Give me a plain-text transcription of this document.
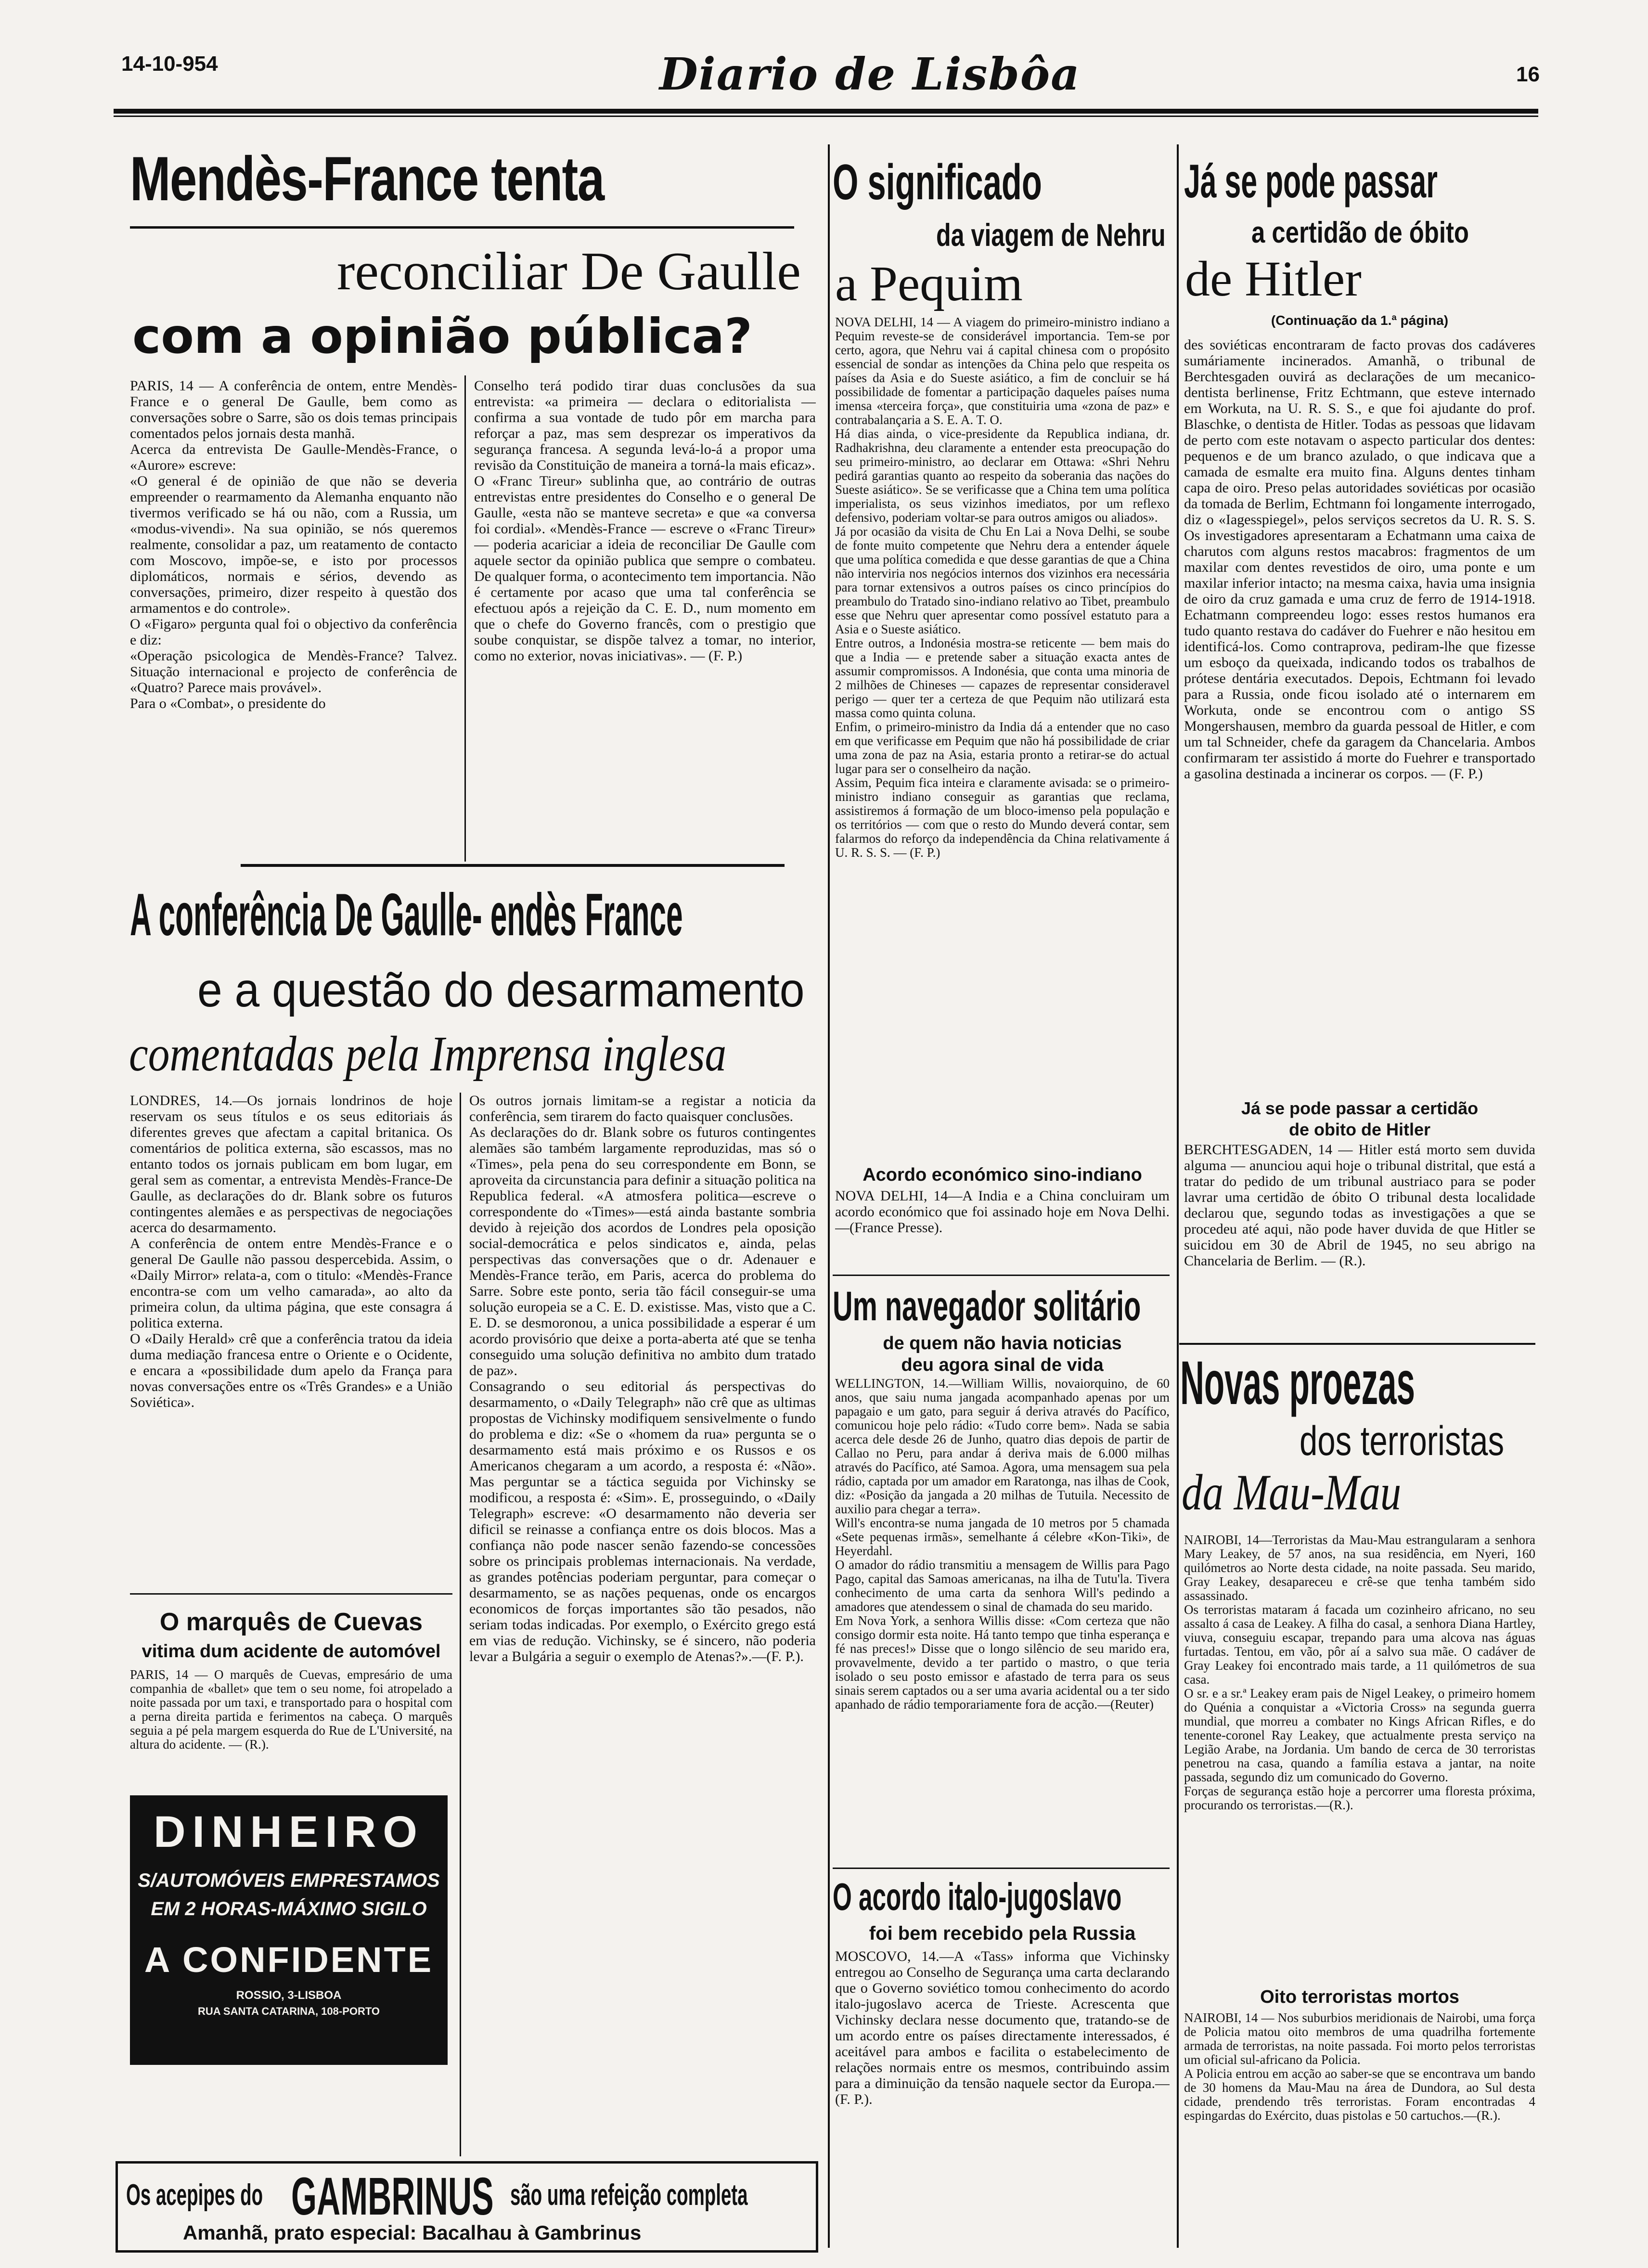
14-10-954	Diario de Lisbôa	16
Mendès-France tenta
reconciliar De Gaulle
com a opinião pública?
PARIS, 14 — A conferência de ontem, entre Mendès-France e o general De Gaulle, bem como as conversações sobre o Sarre, são os dois temas principais comentados pelos jornais desta manhã.
Acerca da entrevista De Gaulle-Mendès-France, o «Aurore» escreve:
«O general é de opinião de que não se deveria empreender o rearmamento da Alemanha enquanto não tivermos verificado se há ou não, com a Russia, um «modus-vivendi». Na sua opinião, se nós queremos realmente, consolidar a paz, um reatamento de contacto com Moscovo, impõe-se, e isto por processos diplomáticos, normais e sérios, devendo as conversações, primeiro, dizer respeito à questão dos armamentos e do controle».
O «Figaro» pergunta qual foi o objectivo da conferência e diz:
«Operação psicologica de Mendès-France? Talvez. Situação internacional e projecto de conferência de «Quatro? Parece mais provável».
Para o «Combat», o presidente do
Conselho terá podido tirar duas conclusões da sua entrevista: «a primeira — declara o editorialista — confirma a sua vontade de tudo pôr em marcha para reforçar a paz, mas sem desprezar os imperativos da segurança francesa. A segunda levá-lo-á a propor uma revisão da Constituição de maneira a torná-la mais eficaz».
O «Franc Tireur» sublinha que, ao contrário de outras entrevistas entre presidentes do Conselho e o general De Gaulle, «esta não se manteve secreta» e que «a conversa foi cordial». «Mendès-France — escreve o «Franc Tireur» — poderia acariciar a ideia de reconciliar De Gaulle com aquele sector da opinião publica que sempre o combateu. De qualquer forma, o acontecimento tem importancia. Não é certamente por acaso que uma tal conferência se efectuou após a rejeição da C. E. D., num momento em que o chefe do Governo francês, com o prestigio que soube conquistar, se dispõe talvez a tomar, no interior, como no exterior, novas iniciativas». — (F. P.)
A conferência De Gaulle- endès France
e a questão do desarmamento
comentadas pela Imprensa inglesa
LONDRES, 14.—Os jornais londrinos de hoje reservam os seus títulos e os seus editoriais ás diferentes greves que afectam a capital britanica. Os comentários de politica externa, são escassos, mas no entanto todos os jornais publicam em bom lugar, em geral sem as comentar, a entrevista Mendès-France-De Gaulle, as declarações do dr. Blank sobre os futuros contingentes alemães e as perspectivas de negociações acerca do desarmamento.
A conferência de ontem entre Mendès-France e o general De Gaulle não passou despercebida. Assim, o «Daily Mirror» relata-a, com o titulo: «Mendès-France encontra-se com um velho camarada», ao alto da primeira colun, da ultima página, que este consagra á politica externa.
O «Daily Herald» crê que a conferência tratou da ideia duma mediação francesa entre o Oriente e o Ocidente, e encara a «possibilidade dum apelo da França para novas conversações entre os «Três Grandes» e a União Soviética».
Os outros jornais limitam-se a registar a noticia da conferência, sem tirarem do facto quaisquer conclusões.
As declarações do dr. Blank sobre os futuros contingentes alemães são também largamente reproduzidas, mas só o «Times», pela pena do seu correspondente em Bonn, se aproveita da circunstancia para definir a situação politica na Republica federal. «A atmosfera politica—escreve o correspondente do «Times»—está ainda bastante sombria devido à rejeição dos acordos de Londres pela oposição social-democrática e pelos sindicatos e, ainda, pelas perspectivas das conversações que o dr. Adenauer e Mendès-France terão, em Paris, acerca do problema do Sarre. Sobre este ponto, seria tão fácil conseguir-se uma solução europeia se a C. E. D. existisse. Mas, visto que a C. E. D. se desmoronou, a unica possibilidade a esperar é um acordo provisório que deixe a porta-aberta até que se tenha conseguido uma solução definitiva no ambito dum tratado de paz».
Consagrando o seu editorial ás perspectivas do desarmamento, o «Daily Telegraph» não crê que as ultimas propostas de Vichinsky modifiquem sensivelmente o fundo do problema e diz: «Se o «homem da rua» pergunta se o desarmamento está mais próximo e os Russos e os Americanos chegaram a um acordo, a resposta é: «Não». Mas perguntar se a táctica seguida por Vichinsky se modificou, a resposta é: «Sim». E, prosseguindo, o «Daily Telegraph» escreve: «O desarmamento não deveria ser dificil se reinasse a confiança entre os dois blocos. Mas a confiança não pode nascer senão fazendo-se concessões sobre os principais problemas internacionais. Na verdade, as grandes potências poderiam perguntar, para começar o desarmamento, se as nações pequenas, onde os encargos economicos de forças importantes são tão pesados, não seriam todas indicadas. Por exemplo, o Exército grego está em vias de redução. Vichinsky, se é sincero, não poderia levar a Bulgária a seguir o exemplo de Atenas?».—(F. P.).
O marquês de Cuevas
vitima dum acidente de automóvel
PARIS, 14 — O marquês de Cuevas, empresário de uma companhia de «ballet» que tem o seu nome, foi atropelado a noite passada por um taxi, e transportado para o hospital com a perna direita partida e ferimentos na cabeça. O marquês seguia a pé pela margem esquerda do Rue de L'Université, na altura do acidente. — (R.).
DINHEIRO
S/AUTOMÓVEIS EMPRESTAMOS
EM 2 HORAS-MÁXIMO SIGILO
A CONFIDENTE
ROSSIO, 3-LISBOA
RUA SANTA CATARINA, 108-PORTO
Os acepipes do GAMBRINUS são uma refeição completa
Amanhã, prato especial: Bacalhau à Gambrinus
O significado
da viagem de Nehru
a Pequim
NOVA DELHI, 14 — A viagem do primeiro-ministro indiano a Pequim reveste-se de considerável importancia. Tem-se por certo, agora, que Nehru vai á capital chinesa com o propósito essencial de sondar as intenções da China pelo que respeita os países da Asia e do Sueste asiático, a fim de concluir se há possibilidade de fomentar a participação daqueles países numa imensa «terceira força», que constituiria uma «zona de paz» e contrabalançaria a S. E. A. T. O.
Há dias ainda, o vice-presidente da Republica indiana, dr. Radhakrishna, deu claramente a entender esta preocupação do seu primeiro-ministro, ao declarar em Ottawa: «Shri Nehru pedirá garantias quanto ao respeito da soberania das nações do Sueste asiático». Se se verificasse que a China tem uma política imperialista, os seus vizinhos imediatos, por um reflexo defensivo, poderiam voltar-se para outros amigos ou aliados».
Já por ocasião da visita de Chu En Lai a Nova Delhi, se soube de fonte muito competente que Nehru dera a entender áquele que uma política comedida e que desse garantias de que a China não interviria nos negócios internos dos vizinhos era necessária para tornar extensivos a outros países os cinco princípios do preambulo do Tratado sino-indiano relativo ao Tibet, preambulo esse que Nehru quer apresentar como possível estatuto para a Asia e o Sueste asiático.
Entre outros, a Indonésia mostra-se reticente — bem mais do que a India — e pretende saber a situação exacta antes de assumir compromissos. A Indonésia, que conta uma minoria de 2 milhões de Chineses — capazes de representar consideravel perigo — quer ter a certeza de que Pequim não utilizará esta massa como quinta coluna.
Enfim, o primeiro-ministro da India dá a entender que no caso em que verificasse em Pequim que não há possibilidade de criar uma zona de paz na Asia, estaria pronto a retirar-se do actual lugar para ser o conselheiro da nação.
Assim, Pequim fica inteira e claramente avisada: se o primeiro-ministro indiano conseguir as garantias que reclama, assistiremos á formação de um bloco-imenso pela população e os territórios — com que o resto do Mundo deverá contar, sem falarmos do reforço da independência da China relativamente á U. R. S. S. — (F. P.)
Acordo económico sino-indiano
NOVA DELHI, 14—A India e a China concluiram um acordo económico que foi assinado hoje em Nova Delhi. —(France Presse).
Um navegador solitário
de quem não havia noticias
deu agora sinal de vida
WELLINGTON, 14.—William Willis, novaiorquino, de 60 anos, que saiu numa jangada acompanhado apenas por um papagaio e um gato, para seguir á deriva através do Pacífico, comunicou hoje pelo rádio: «Tudo corre bem». Nada se sabia acerca dele desde 26 de Junho, quatro dias depois de partir de Callao no Peru, para andar á deriva mais de 6.000 milhas através do Pacífico, até Samoa. Agora, uma mensagem sua pela rádio, captada por um amador em Raratonga, nas ilhas de Cook, diz: «Posição da jangada a 20 milhas de Tutuila. Necessito de auxilio para chegar a terra».
Will's encontra-se numa jangada de 10 metros por 5 chamada «Sete pequenas irmãs», semelhante á célebre «Kon-Tiki», de Heyerdahl.
O amador do rádio transmitiu a mensagem de Willis para Pago Pago, capital das Samoas americanas, na ilha de Tutu'la. Tivera conhecimento de uma carta da senhora Will's pedindo a amadores que atendessem o sinal de chamada do seu marido.
Em Nova York, a senhora Willis disse: «Com certeza que não consigo dormir esta noite. Há tanto tempo que tinha esperança e fé nas preces!» Disse que o longo silêncio de seu marido era, provavelmente, devido a ter partido o mastro, o que teria isolado o seu posto emissor e afastado de terra para os seus sinais serem captados ou a ser uma avaria acidental ou a ter sido apanhado de rádio temporariamente fora de acção.—(Reuter)
O acordo italo-jugoslavo
foi bem recebido pela Russia
MOSCOVO, 14.—A «Tass» informa que Vichinsky entregou ao Conselho de Segurança uma carta declarando que o Governo soviético tomou conhecimento do acordo italo-jugoslavo acerca de Trieste. Acrescenta que Vichinsky declara nesse documento que, tratando-se de um acordo entre os países directamente interessados, é aceitável para ambos e facilita o estabelecimento de relações normais entre os mesmos, contribuindo assim para a diminuição da tensão naquele sector da Europa.—(F. P.).
Já se pode passar
a certidão de óbito
de Hitler
(Continuação da 1.ª página)
des soviéticas encontraram de facto provas dos cadáveres sumáriamente incinerados. Amanhã, o tribunal de Berchtesgaden ouvirá as declarações de um mecanico-dentista berlinense, Fritz Echtmann, que esteve internado em Workuta, na U. R. S. S., e que foi ajudante do prof. Blaschke, o dentista de Hitler. Todas as pessoas que lidavam de perto com este notavam o aspecto particular dos dentes: pequenos e de um branco azulado, o que indicava que a camada de esmalte era muito fina. Alguns dentes tinham capa de oiro. Preso pelas autoridades soviéticas por ocasião da tomada de Berlim, Echtmann foi longamente interrogado, diz o «Iagesspiegel», pelos serviços secretos da U. R. S. S. Os investigadores apresentaram a Echatmann uma caixa de charutos com alguns restos macabros: fragmentos de um maxilar com dentes revestidos de oiro, uma ponte e um maxilar inferior intacto; na mesma caixa, havia uma insignia de oiro da cruz gamada e uma cruz de ferro de 1914-1918. Echatmann compreendeu logo: esses restos humanos era tudo quanto restava do cadáver do Fuehrer e não hesitou em identificá-los. Como contraprova, pediram-lhe que fizesse um esboço da queixada, indicando todos os trabalhos de prótese dentária executados. Depois, Echtmann foi levado para a Russia, onde ficou isolado até o internarem em Workuta, onde se encontrou com o antigo SS Mongershausen, membro da guarda pessoal de Hitler, e com um tal Schneider, chefe da garagem da Chancelaria. Ambos confirmaram ter assistido á morte do Fuehrer e transportado a gasolina destinada a incinerar os corpos. — (F. P.)
Já se pode passar a certidão
de obito de Hitler
BERCHTESGADEN, 14 — Hitler está morto sem duvida alguma — anunciou aqui hoje o tribunal distrital, que está a tratar do pedido de um tribunal austriaco para se poder lavrar uma certidão de óbito O tribunal desta localidade declarou que, segundo todas as investigações a que se procedeu até aqui, não pode haver duvida de que Hitler se suicidou em 30 de Abril de 1945, no seu abrigo na Chancelaria de Berlim. — (R.).
Novas proezas
dos terroristas
da Mau-Mau
NAIROBI, 14—Terroristas da Mau-Mau estrangularam a senhora Mary Leakey, de 57 anos, na sua residência, em Nyeri, 160 quilómetros ao Norte desta cidade, na noite passada. Seu marido, Gray Leakey, desapareceu e crê-se que tenha também sido assassinado.
Os terroristas mataram á facada um cozinheiro africano, no seu assalto á casa de Leakey. A filha do casal, a senhora Diana Hartley, viuva, conseguiu escapar, trepando para uma alcova nas águas furtadas. Tentou, em vão, pôr aí a salvo sua mãe. O cadáver de Gray Leakey foi encontrado mais tarde, a 11 quilómetros de sua casa.
O sr. e a sr.ª Leakey eram pais de Nigel Leakey, o primeiro homem do Quénia a conquistar a «Victoria Cross» na segunda guerra mundial, que morreu a combater no Kings African Rifles, e do tenente-coronel Ray Leakey, que actualmente presta serviço na Legião Arabe, na Jordania. Um bando de cerca de 30 terroristas penetrou na casa, quando a família estava a jantar, na noite passada, segundo diz um comunicado do Governo.
Forças de segurança estão hoje a percorrer uma floresta próxima, procurando os terroristas.—(R.).
Oito terroristas mortos
NAIROBI, 14 — Nos suburbios meridionais de Nairobi, uma força de Policia matou oito membros de uma quadrilha fortemente armada de terroristas, na noite passada. Foi morto pelos terroristas um oficial sul-africano da Policia.
A Policia entrou em acção ao saber-se que se encontrava um bando de 30 homens da Mau-Mau na área de Dundora, ao Sul desta cidade, prendendo três terroristas. Foram encontradas 4 espingardas do Exército, duas pistolas e 50 cartuchos.—(R.).
